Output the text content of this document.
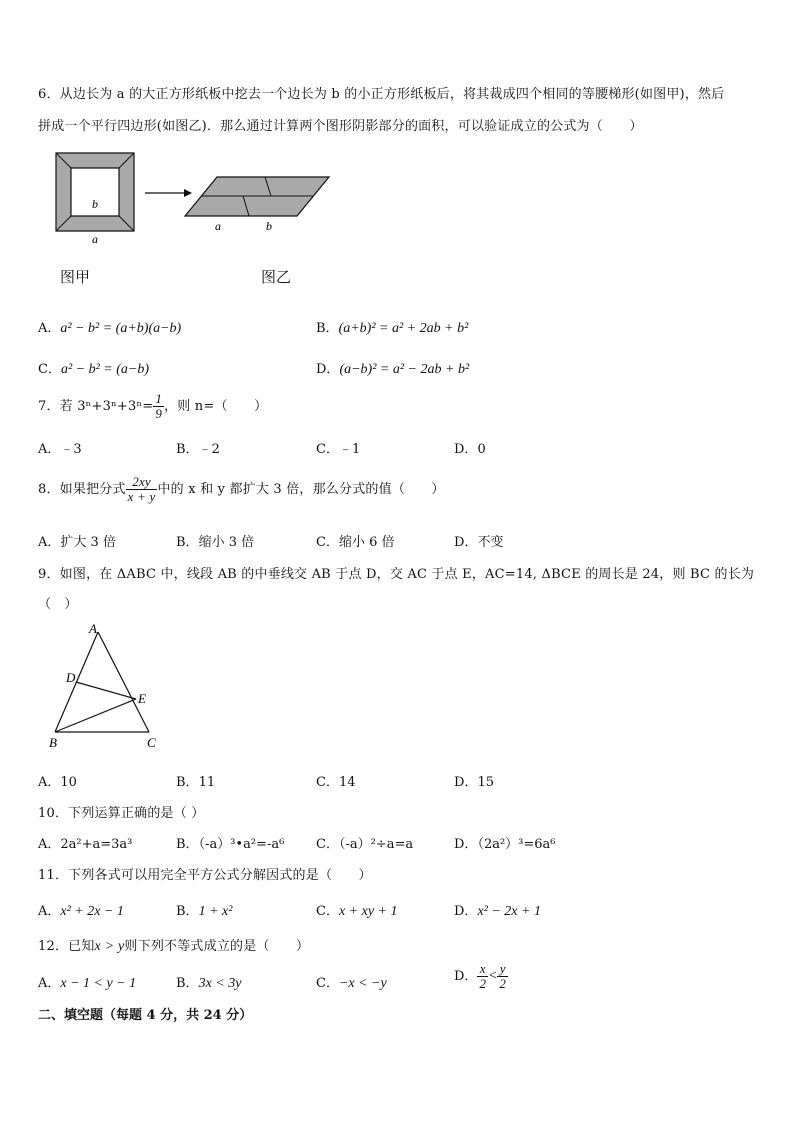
6．从边长为 a 的大正方形纸板中挖去一个边长为 b 的小正方形纸板后，将其裁成四个相同的等腰梯形(如图甲)，然后
拼成一个平行四边形(如图乙)．那么通过计算两个图形阴影部分的面积，可以验证成立的公式为（　　）
b
a
a	b
图甲	图乙
A．a² − b² = (a+b)(a−b)	B．(a+b)² = a² + 2ab + b²
C．a² − b² = (a−b)	D．(a−b)² = a² − 2ab + b²
7．若 $3^n+3^n+3^n= \frac{1}{9}$ ，则 n=（　　）
A．﹣3	B．﹣2	C．﹣1	D．0
8．如果把分式 $\frac{2xy}{x + y}$ 中的 x 和 y 都扩大 3 倍，那么分式的值（　　）
A．扩大 3 倍	B．缩小 3 倍	C．缩小 6 倍	D．不变
9．如图，在 ΔABC 中，线段 AB 的中垂线交 AB 于点 D，交 AC 于点 E，AC=14, ΔBCE 的周长是 24，则 BC 的长为
（　）
A
D
E
B	C
A．10	B．11	C．14	D．15
10．下列运算正确的是（ ）
A．2a²+a=3a³	B．（-a）³•a²=-a⁶ C．（-a）²÷a=a	D．（2a²）³=6a⁶
11．下列各式可以用完全平方公式分解因式的是（　　）
A．x² + 2x − 1	B．1 + x²	C．x + xy + 1	D．x² − 2x + 1
12．已知x > y则下列不等式成立的是（　　）
A．x − 1 < y − 1	B．3x < 3y	C．−x < −y	D． $\frac{x}{2} < \frac{y}{2}$
二、填空题（每题 4 分，共 24 分）
